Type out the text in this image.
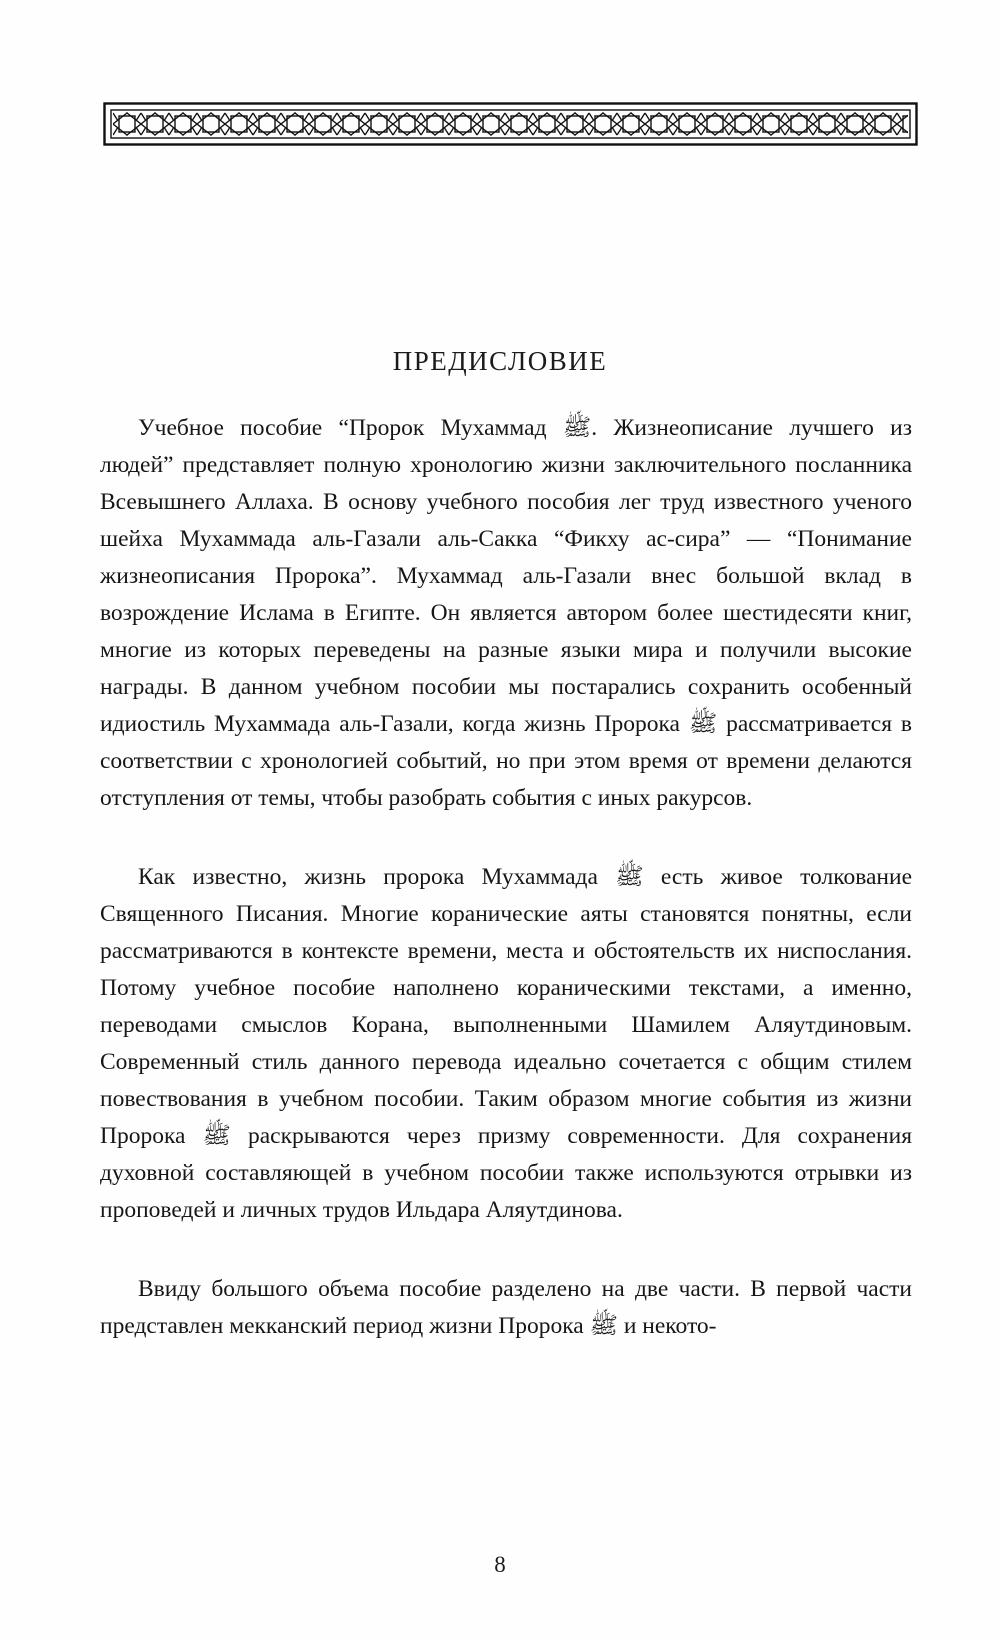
ПРЕДИСЛОВИЕ

Учебное пособие “Пророк Мухаммад ﷺ. Жизнеописание лучшего из людей” представляет полную хронологию жизни заключительного посланника Всевышнего Аллаха. В основу учебного пособия лег труд известного ученого шейха Мухаммада аль-Газали аль-Сакка “Фикху ас-сира” — “Понимание жизнеописания Пророка”. Мухаммад аль-Газали внес большой вклад в возрождение Ислама в Египте. Он является автором более шестидесяти книг, многие из которых переведены на разные языки мира и получили высокие награды. В данном учебном пособии мы постарались сохранить особенный идиостиль Мухаммада аль-Газали, когда жизнь Пророка ﷺ рассматривается в соответствии с хронологией событий, но при этом время от времени делаются отступления от темы, чтобы разобрать события с иных ракурсов.

Как известно, жизнь пророка Мухаммада ﷺ есть живое толкование Священного Писания. Многие коранические аяты становятся понятны, если рассматриваются в контексте времени, места и обстоятельств их ниспослания. Потому учебное пособие наполнено кораническими текстами, а именно, переводами смыслов Корана, выполненными Шамилем Аляутдиновым. Современный стиль данного перевода идеально сочетается с общим стилем повествования в учебном пособии. Таким образом многие события из жизни Пророка ﷺ раскрываются через призму современности. Для сохранения духовной составляющей в учебном пособии также используются отрывки из проповедей и личных трудов Ильдара Аляутдинова.

Ввиду большого объема пособие разделено на две части. В первой части представлен мекканский период жизни Пророка ﷺ и некото-

8
